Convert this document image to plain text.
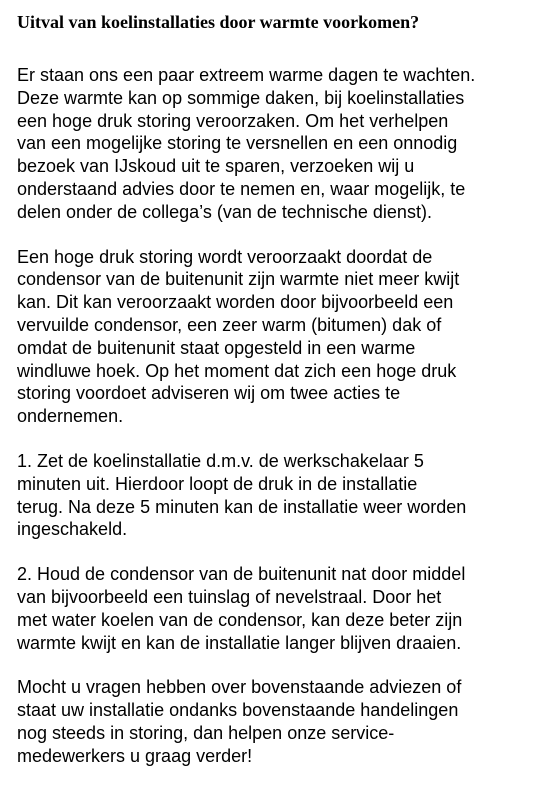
Uitval van koelinstallaties door warmte voorkomen?
Er staan ons een paar extreem warme dagen te wachten.
Deze warmte kan op sommige daken, bij koelinstallaties
een hoge druk storing veroorzaken. Om het verhelpen
van een mogelijke storing te versnellen en een onnodig
bezoek van IJskoud uit te sparen, verzoeken wij u
onderstaand advies door te nemen en, waar mogelijk, te
delen onder de collega’s (van de technische dienst).
Een hoge druk storing wordt veroorzaakt doordat de
condensor van de buitenunit zijn warmte niet meer kwijt
kan. Dit kan veroorzaakt worden door bijvoorbeeld een
vervuilde condensor, een zeer warm (bitumen) dak of
omdat de buitenunit staat opgesteld in een warme
windluwe hoek. Op het moment dat zich een hoge druk
storing voordoet adviseren wij om twee acties te
ondernemen.
1. Zet de koelinstallatie d.m.v. de werkschakelaar 5
minuten uit. Hierdoor loopt de druk in de installatie
terug. Na deze 5 minuten kan de installatie weer worden
ingeschakeld.
2. Houd de condensor van de buitenunit nat door middel
van bijvoorbeeld een tuinslag of nevelstraal. Door het
met water koelen van de condensor, kan deze beter zijn
warmte kwijt en kan de installatie langer blijven draaien.
Mocht u vragen hebben over bovenstaande adviezen of
staat uw installatie ondanks bovenstaande handelingen
nog steeds in storing, dan helpen onze service-
medewerkers u graag verder!
